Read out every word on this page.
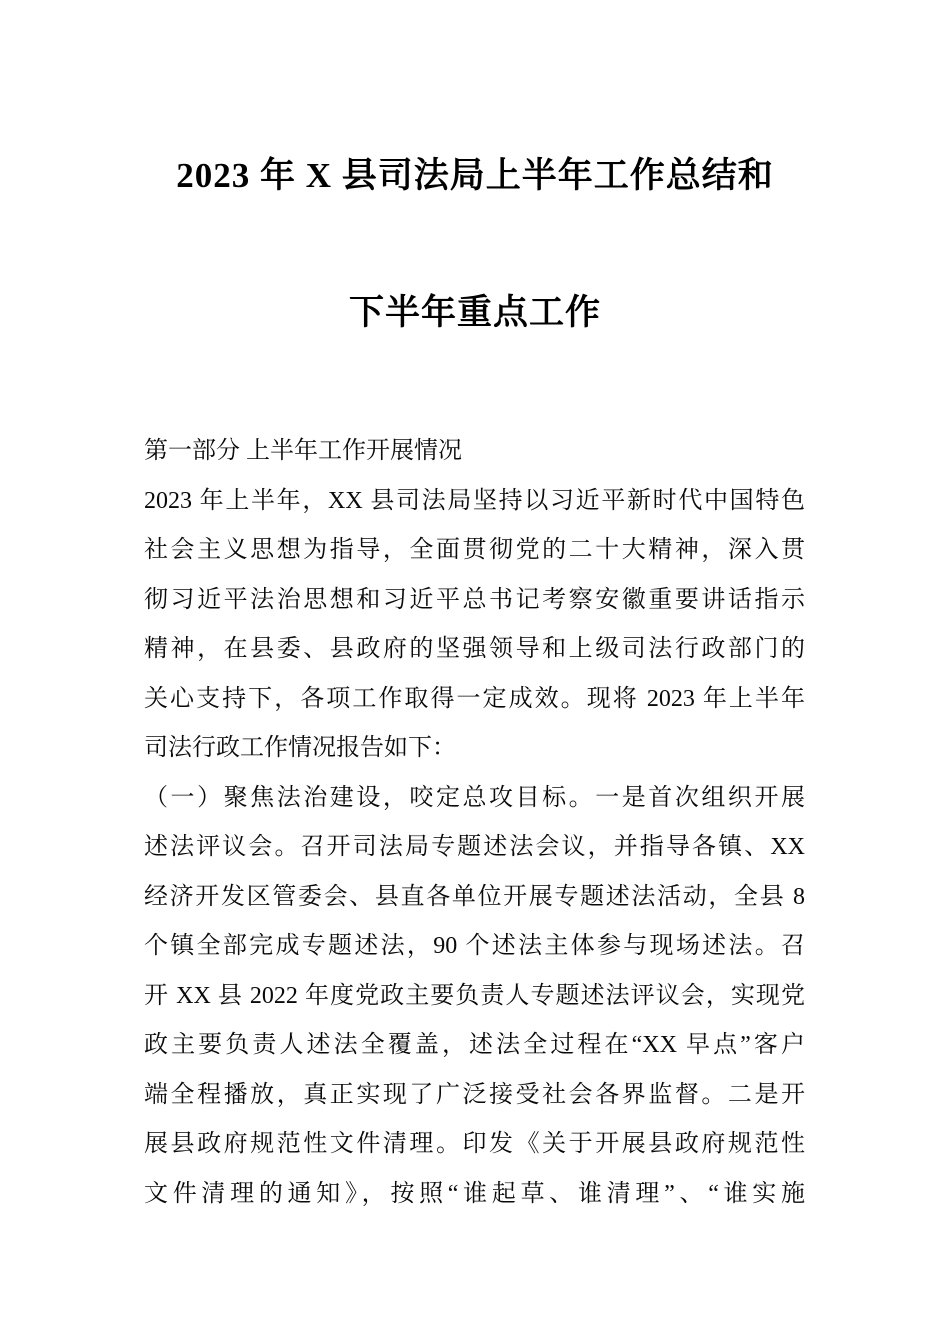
2023 年 X 县司法局上半年工作总结和
下半年重点工作
第一部分 上半年工作开展情况
2023 年上半年，XX 县司法局坚持以习近平新时代中国特色
社会主义思想为指导，全面贯彻党的二十大精神，深入贯
彻习近平法治思想和习近平总书记考察安徽重要讲话指示
精神，在县委、县政府的坚强领导和上级司法行政部门的
关心支持下，各项工作取得一定成效。现将 2023 年上半年
司法行政工作情况报告如下：
（一）聚焦法治建设，咬定总攻目标。一是首次组织开展
述法评议会。召开司法局专题述法会议，并指导各镇、XX
经济开发区管委会、县直各单位开展专题述法活动，全县 8
个镇全部完成专题述法，90 个述法主体参与现场述法。召
开 XX 县 2022 年度党政主要负责人专题述法评议会，实现党
政主要负责人述法全覆盖，述法全过程在“XX 早点”客户
端全程播放，真正实现了广泛接受社会各界监督。二是开
展县政府规范性文件清理。印发《关于开展县政府规范性
文件清理的通知》，按照“谁起草、谁清理”、“谁实施
